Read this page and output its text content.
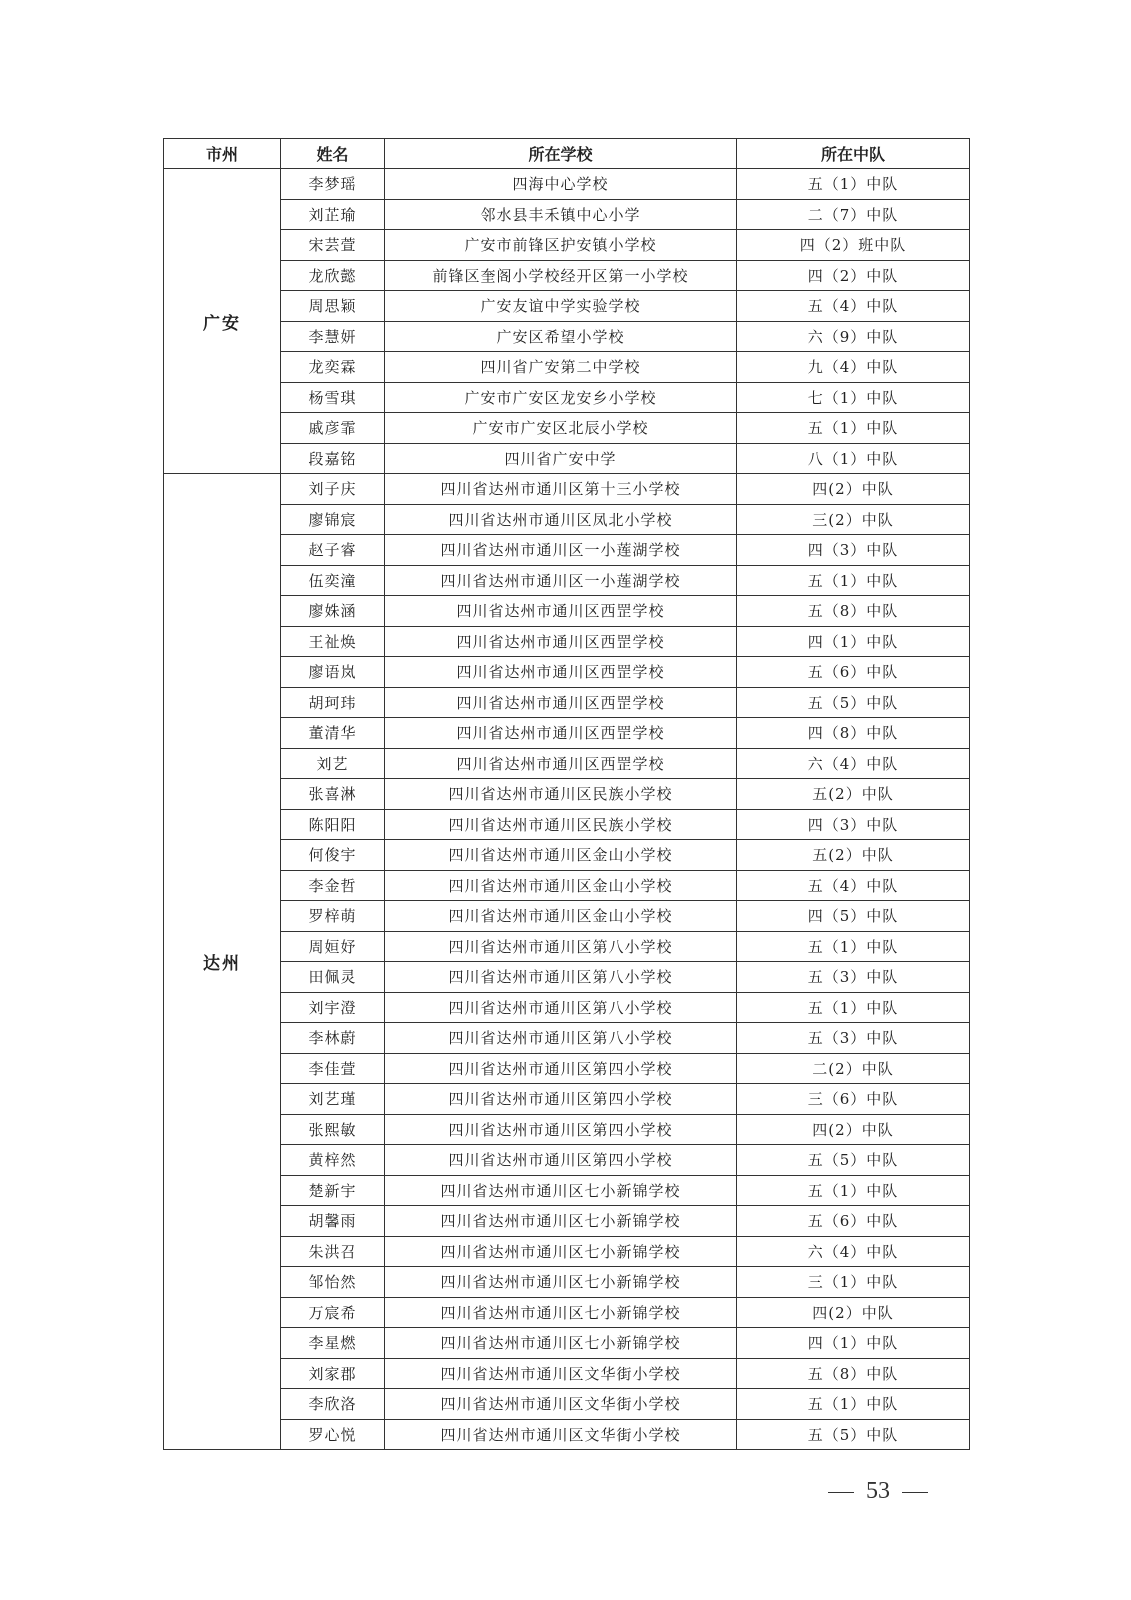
市州	姓名	所在学校	所在中队
广安	李梦瑶	四海中心学校	五（1）中队
	刘芷瑜	邻水县丰禾镇中心小学	二（7）中队
	宋芸萱	广安市前锋区护安镇小学校	四（2）班中队
	龙欣懿	前锋区奎阁小学校经开区第一小学校	四（2）中队
	周思颖	广安友谊中学实验学校	五（4）中队
	李慧妍	广安区希望小学校	六（9）中队
	龙奕霖	四川省广安第二中学校	九（4）中队
	杨雪琪	广安市广安区龙安乡小学校	七（1）中队
	戚彦霏	广安市广安区北辰小学校	五（1）中队
	段嘉铭	四川省广安中学	八（1）中队
达州	刘子庆	四川省达州市通川区第十三小学校	四(2）中队
	廖锦宸	四川省达州市通川区凤北小学校	三(2）中队
	赵子睿	四川省达州市通川区一小莲湖学校	四（3）中队
	伍奕潼	四川省达州市通川区一小莲湖学校	五（1）中队
	廖姝涵	四川省达州市通川区西罡学校	五（8）中队
	王祉焕	四川省达州市通川区西罡学校	四（1）中队
	廖语岚	四川省达州市通川区西罡学校	五（6）中队
	胡珂玮	四川省达州市通川区西罡学校	五（5）中队
	董清华	四川省达州市通川区西罡学校	四（8）中队
	刘艺	四川省达州市通川区西罡学校	六（4）中队
	张喜淋	四川省达州市通川区民族小学校	五(2）中队
	陈阳阳	四川省达州市通川区民族小学校	四（3）中队
	何俊宇	四川省达州市通川区金山小学校	五(2）中队
	李金哲	四川省达州市通川区金山小学校	五（4）中队
	罗梓萌	四川省达州市通川区金山小学校	四（5）中队
	周姮妤	四川省达州市通川区第八小学校	五（1）中队
	田佩灵	四川省达州市通川区第八小学校	五（3）中队
	刘宇澄	四川省达州市通川区第八小学校	五（1）中队
	李林蔚	四川省达州市通川区第八小学校	五（3）中队
	李佳萱	四川省达州市通川区第四小学校	二(2）中队
	刘艺瑾	四川省达州市通川区第四小学校	三（6）中队
	张熙敏	四川省达州市通川区第四小学校	四(2）中队
	黄梓然	四川省达州市通川区第四小学校	五（5）中队
	楚新宇	四川省达州市通川区七小新锦学校	五（1）中队
	胡馨雨	四川省达州市通川区七小新锦学校	五（6）中队
	朱洪召	四川省达州市通川区七小新锦学校	六（4）中队
	邹怡然	四川省达州市通川区七小新锦学校	三（1）中队
	万宸希	四川省达州市通川区七小新锦学校	四(2）中队
	李星燃	四川省达州市通川区七小新锦学校	四（1）中队
	刘家郡	四川省达州市通川区文华街小学校	五（8）中队
	李欣洛	四川省达州市通川区文华街小学校	五（1）中队
	罗心悦	四川省达州市通川区文华街小学校	五（5）中队
53
